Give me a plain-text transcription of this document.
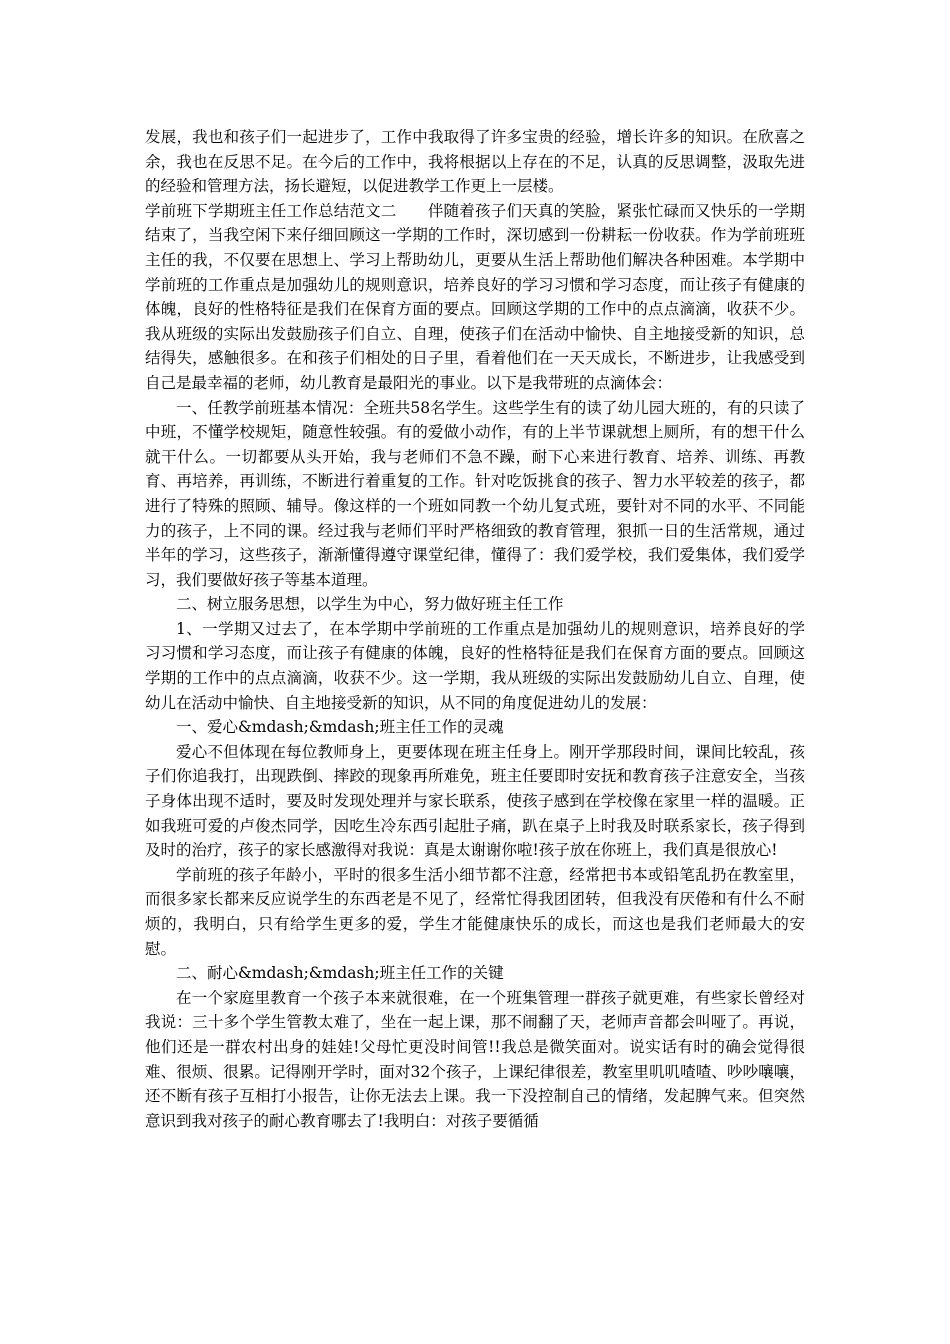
发展，我也和孩子们一起进步了，工作中我取得了许多宝贵的经验，增长许多的知识。在欣喜之余，我也在反思不足。在今后的工作中，我将根据以上存在的不足，认真的反思调整，汲取先进的经验和管理方法，扬长避短，以促进教学工作更上一层楼。

学前班下学期班主任工作总结范文二 伴随着孩子们天真的笑脸，紧张忙碌而又快乐的一学期结束了，当我空闲下来仔细回顾这一学期的工作时，深切感到一份耕耘一份收获。作为学前班班主任的我，不仅要在思想上、学习上帮助幼儿，更要从生活上帮助他们解决各种困难。本学期中学前班的工作重点是加强幼儿的规则意识，培养良好的学习习惯和学习态度，而让孩子有健康的体魄，良好的性格特征是我们在保育方面的要点。回顾这学期的工作中的点点滴滴，收获不少。我从班级的实际出发鼓励孩子们自立、自理，使孩子们在活动中愉快、自主地接受新的知识，总结得失，感触很多。在和孩子们相处的日子里，看着他们在一天天成长，不断进步，让我感受到自己是最幸福的老师，幼儿教育是最阳光的事业。以下是我带班的点滴体会：

一、任教学前班基本情况：全班共58名学生。这些学生有的读了幼儿园大班的，有的只读了中班，不懂学校规矩，随意性较强。有的爱做小动作，有的上半节课就想上厕所，有的想干什么就干什么。一切都要从头开始，我与老师们不急不躁，耐下心来进行教育、培养、训练、再教育、再培养，再训练，不断进行着重复的工作。针对吃饭挑食的孩子、智力水平较差的孩子，都进行了特殊的照顾、辅导。像这样的一个班如同教一个幼儿复式班，要针对不同的水平、不同能力的孩子，上不同的课。经过我与老师们平时严格细致的教育管理，狠抓一日的生活常规，通过半年的学习，这些孩子，渐渐懂得遵守课堂纪律，懂得了：我们爱学校，我们爱集体，我们爱学习，我们要做好孩子等基本道理。

二、树立服务思想，以学生为中心，努力做好班主任工作

1、一学期又过去了，在本学期中学前班的工作重点是加强幼儿的规则意识，培养良好的学习习惯和学习态度，而让孩子有健康的体魄，良好的性格特征是我们在保育方面的要点。回顾这学期的工作中的点点滴滴，收获不少。这一学期，我从班级的实际出发鼓励幼儿自立、自理，使幼儿在活动中愉快、自主地接受新的知识，从不同的角度促进幼儿的发展：

一、爱心&mdash;&mdash;班主任工作的灵魂

爱心不但体现在每位教师身上，更要体现在班主任身上。刚开学那段时间，课间比较乱，孩子们你追我打，出现跌倒、摔跤的现象再所难免，班主任要即时安抚和教育孩子注意安全，当孩子身体出现不适时，要及时发现处理并与家长联系，使孩子感到在学校像在家里一样的温暖。正如我班可爱的卢俊杰同学，因吃生冷东西引起肚子痛，趴在桌子上时我及时联系家长，孩子得到及时的治疗，孩子的家长感激得对我说：真是太谢谢你啦!孩子放在你班上，我们真是很放心!

学前班的孩子年龄小，平时的很多生活小细节都不注意，经常把书本或铅笔乱扔在教室里，而很多家长都来反应说学生的东西老是不见了，经常忙得我团团转，但我没有厌倦和有什么不耐烦的，我明白，只有给学生更多的爱，学生才能健康快乐的成长，而这也是我们老师最大的安慰。

二、耐心&mdash;&mdash;班主任工作的关键

在一个家庭里教育一个孩子本来就很难，在一个班集管理一群孩子就更难，有些家长曾经对我说：三十多个学生管教太难了，坐在一起上课，那不闹翻了天，老师声音都会叫哑了。再说，他们还是一群农村出身的娃娃!父母忙更没时间管!!我总是微笑面对。说实话有时的确会觉得很难、很烦、很累。记得刚开学时，面对32个孩子，上课纪律很差，教室里叽叽喳喳、吵吵嚷嚷，还不断有孩子互相打小报告，让你无法去上课。我一下没控制自己的情绪，发起脾气来。但突然意识到我对孩子的耐心教育哪去了!我明白：对孩子要循循
